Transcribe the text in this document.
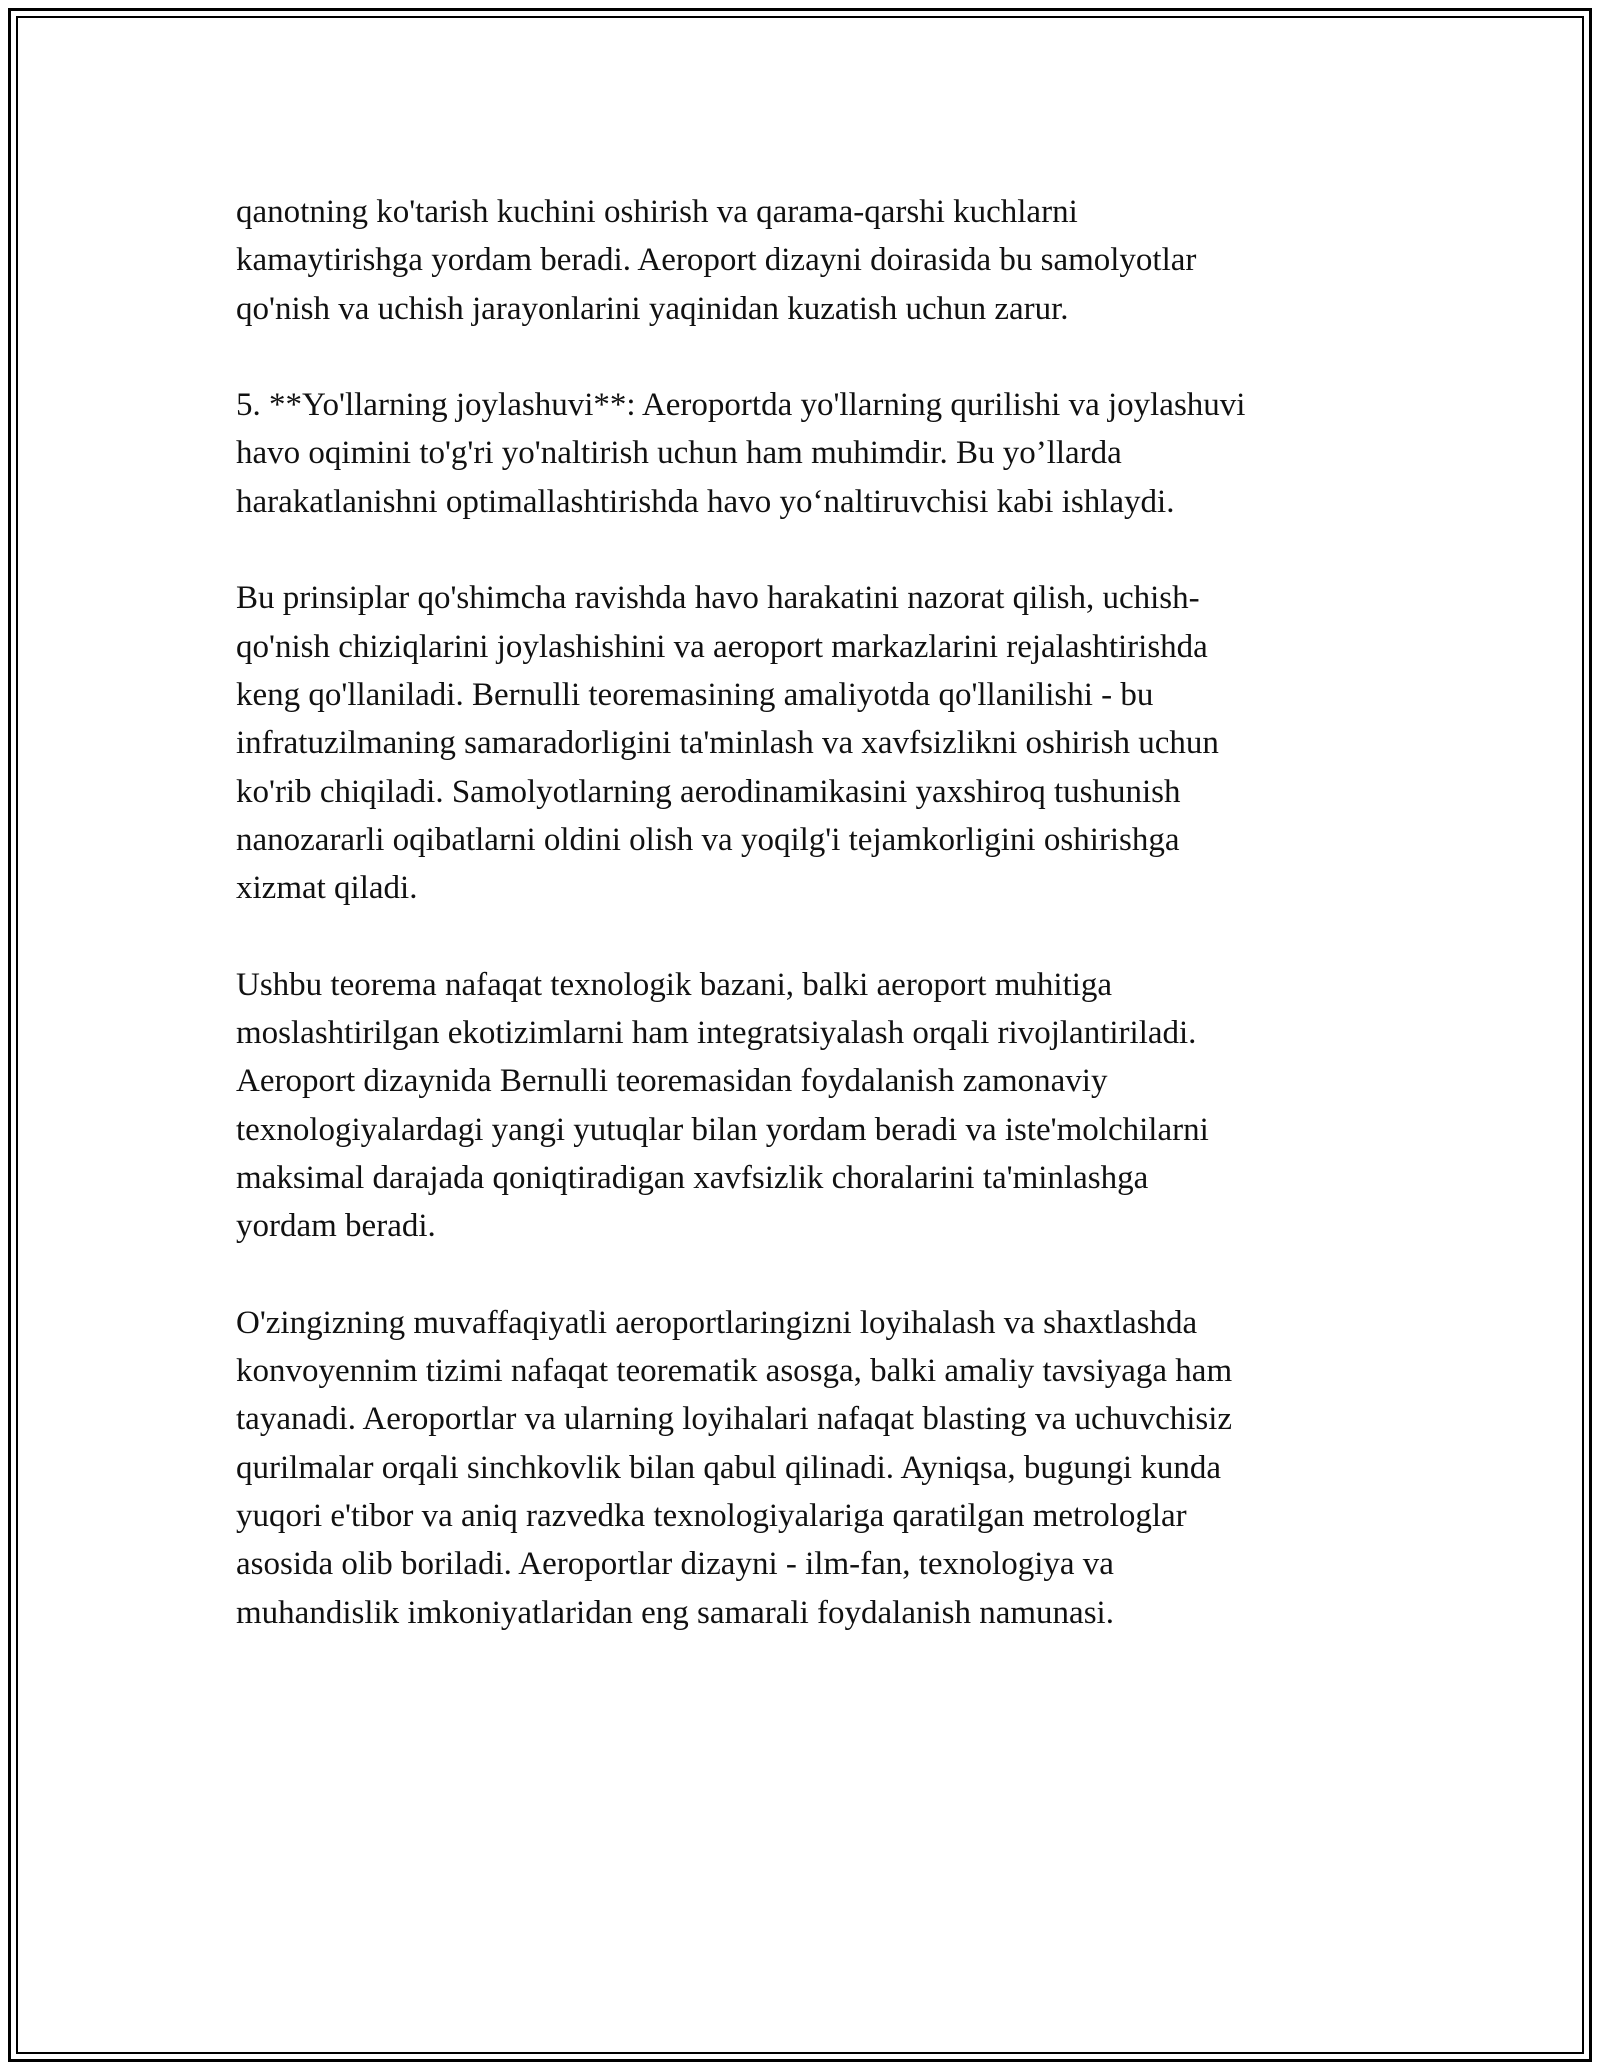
qanotning ko'tarish kuchini oshirish va qarama-qarshi kuchlarni
kamaytirishga yordam beradi. Aeroport dizayni doirasida bu samolyotlar
qo'nish va uchish jarayonlarini yaqinidan kuzatish uchun zarur.

5. **Yo'llarning joylashuvi**: Aeroportda yo'llarning qurilishi va joylashuvi
havo oqimini to'g'ri yo'naltirish uchun ham muhimdir. Bu yo’llarda
harakatlanishni optimallashtirishda havo yo‘naltiruvchisi kabi ishlaydi.

Bu prinsiplar qo'shimcha ravishda havo harakatini nazorat qilish, uchish-
qo'nish chiziqlarini joylashishini va aeroport markazlarini rejalashtirishda
keng qo'llaniladi. Bernulli teoremasining amaliyotda qo'llanilishi - bu
infratuzilmaning samaradorligini ta'minlash va xavfsizlikni oshirish uchun
ko'rib chiqiladi. Samolyotlarning aerodinamikasini yaxshiroq tushunish
nanozararli oqibatlarni oldini olish va yoqilg'i tejamkorligini oshirishga
xizmat qiladi.

Ushbu teorema nafaqat texnologik bazani, balki aeroport muhitiga
moslashtirilgan ekotizimlarni ham integratsiyalash orqali rivojlantiriladi.
Aeroport dizaynida Bernulli teoremasidan foydalanish zamonaviy
texnologiyalardagi yangi yutuqlar bilan yordam beradi va iste'molchilarni
maksimal darajada qoniqtiradigan xavfsizlik choralarini ta'minlashga
yordam beradi.

O'zingizning muvaffaqiyatli aeroportlaringizni loyihalash va shaxtlashda
konvoyennim tizimi nafaqat teorematik asosga, balki amaliy tavsiyaga ham
tayanadi. Aeroportlar va ularning loyihalari nafaqat blasting va uchuvchisiz
qurilmalar orqali sinchkovlik bilan qabul qilinadi. Ayniqsa, bugungi kunda
yuqori e'tibor va aniq razvedka texnologiyalariga qaratilgan metrologlar
asosida olib boriladi. Aeroportlar dizayni - ilm-fan, texnologiya va
muhandislik imkoniyatlaridan eng samarali foydalanish namunasi.
